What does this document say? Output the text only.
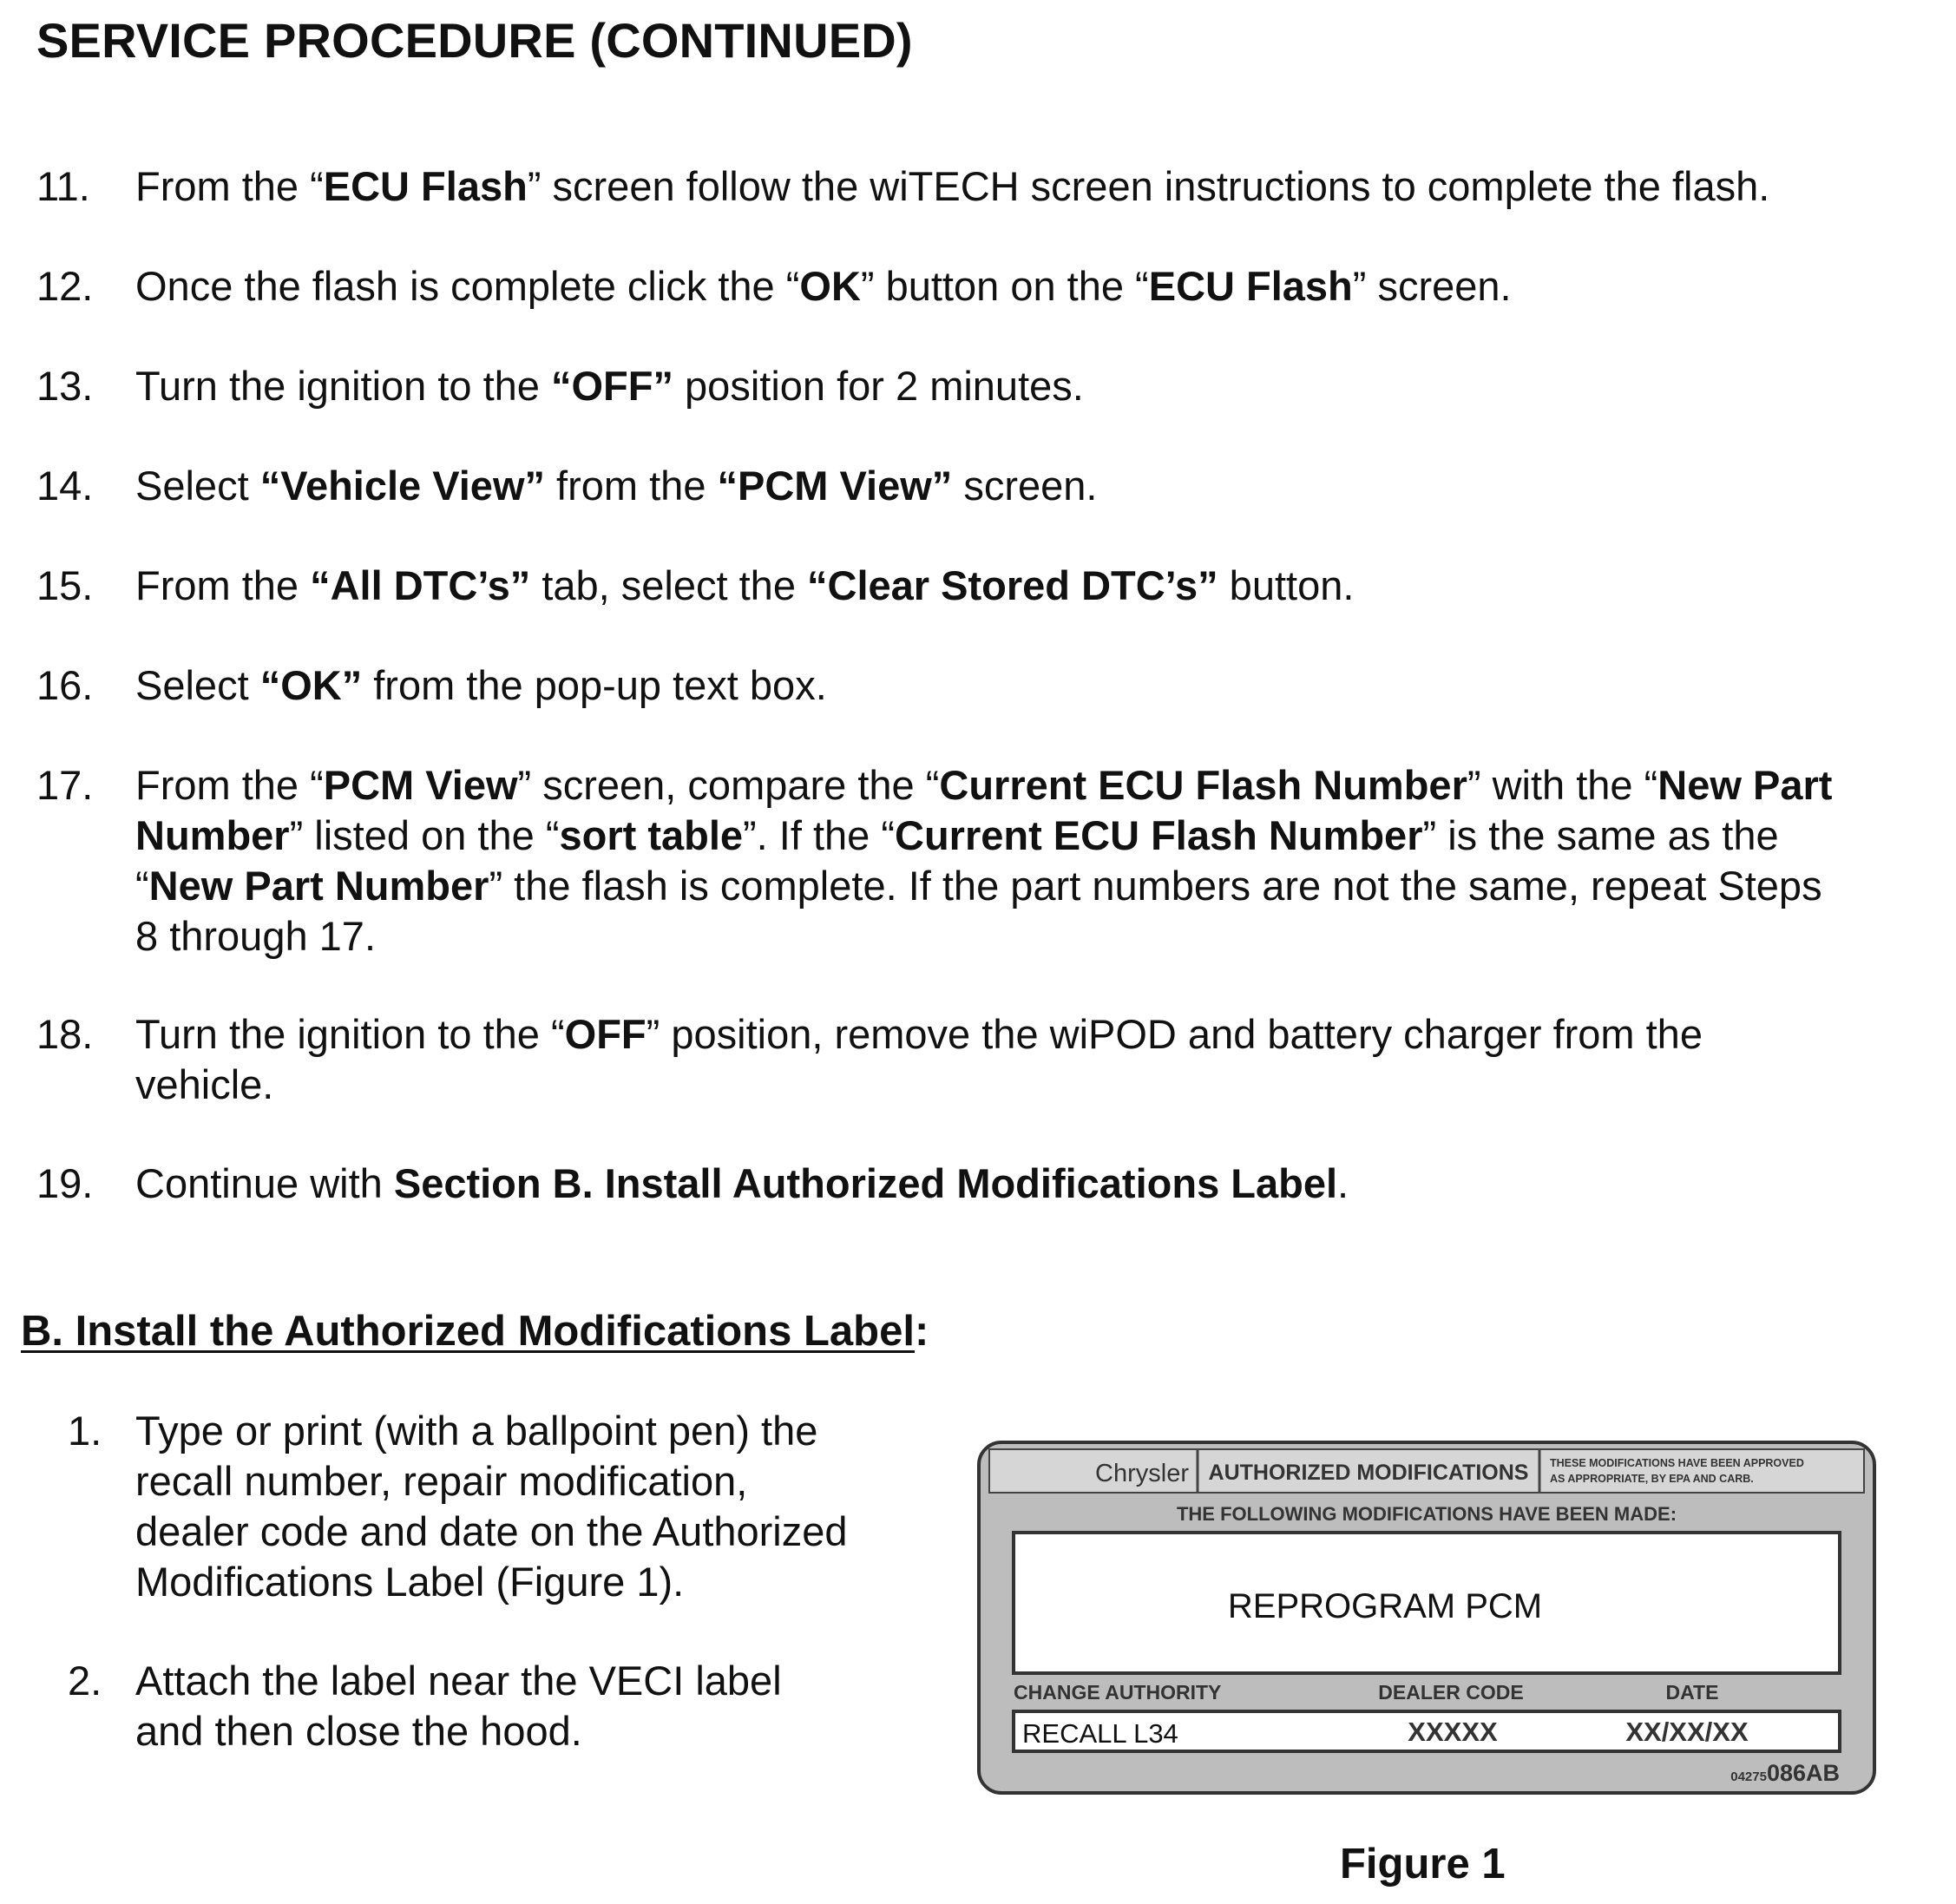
SERVICE PROCEDURE (CONTINUED)
11. From the “ECU Flash” screen follow the wiTECH screen instructions to complete the flash.
12. Once the flash is complete click the “OK” button on the “ECU Flash” screen.
13. Turn the ignition to the “OFF” position for 2 minutes.
14. Select “Vehicle View” from the “PCM View” screen.
15. From the “All DTC’s” tab, select the “Clear Stored DTC’s” button.
16. Select “OK” from the pop-up text box.
17. From the “PCM View” screen, compare the “Current ECU Flash Number” with the “New Part
Number” listed on the “sort table”. If the “Current ECU Flash Number” is the same as the
“New Part Number” the flash is complete. If the part numbers are not the same, repeat Steps
8 through 17.
18. Turn the ignition to the “OFF” position, remove the wiPOD and battery charger from the
vehicle.
19. Continue with Section B. Install Authorized Modifications Label.
B. Install the Authorized Modifications Label:
1. Type or print (with a ballpoint pen) the
recall number, repair modification,
dealer code and date on the Authorized
Modifications Label (Figure 1).
2. Attach the label near the VECI label
and then close the hood.
Chrysler AUTHORIZED MODIFICATIONS THESE MODIFICATIONS HAVE BEEN APPROVED
AS APPROPRIATE, BY EPA AND CARB.
THE FOLLOWING MODIFICATIONS HAVE BEEN MADE:
REPROGRAM PCM
CHANGE AUTHORITY	DEALER CODE	DATE
RECALL L34	XXXXX	XX/XX/XX
04275086AB
Figure 1
